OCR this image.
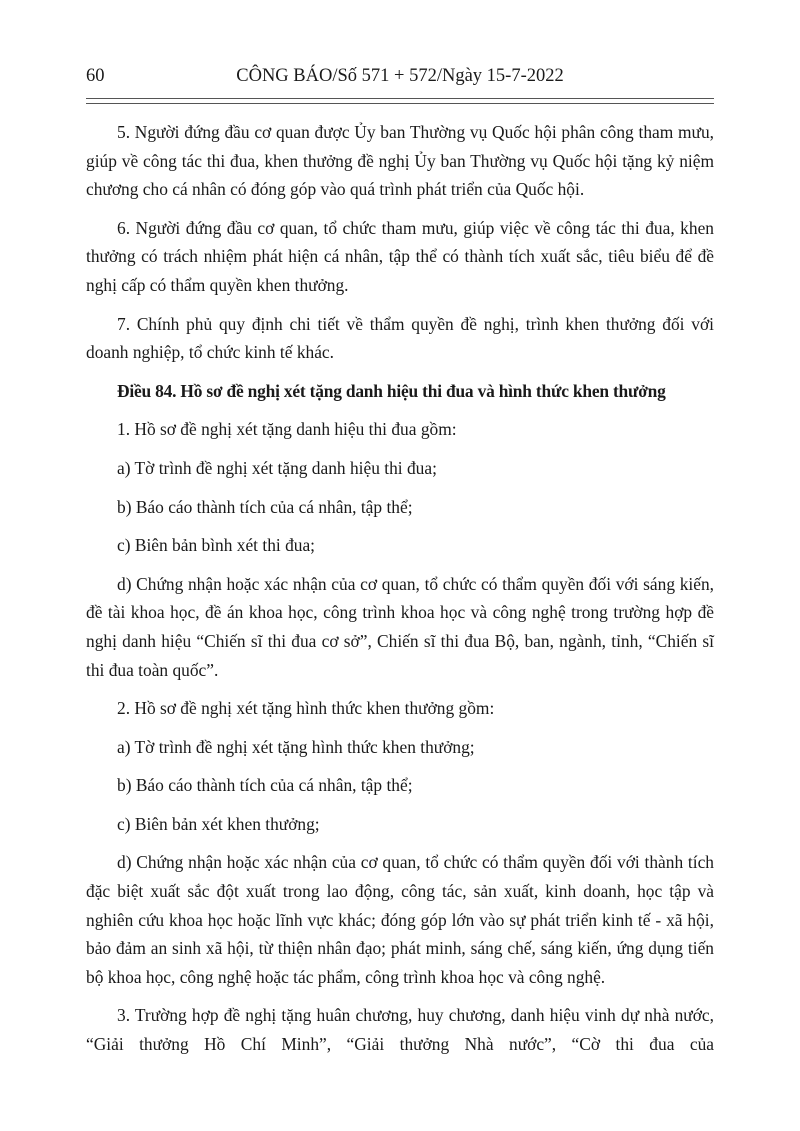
60	CÔNG BÁO/Số 571 + 572/Ngày 15-7-2022

5. Người đứng đầu cơ quan được Ủy ban Thường vụ Quốc hội phân công tham mưu, giúp về công tác thi đua, khen thưởng đề nghị Ủy ban Thường vụ Quốc hội tặng kỷ niệm chương cho cá nhân có đóng góp vào quá trình phát triển của Quốc hội.

6. Người đứng đầu cơ quan, tổ chức tham mưu, giúp việc về công tác thi đua, khen thưởng có trách nhiệm phát hiện cá nhân, tập thể có thành tích xuất sắc, tiêu biểu để đề nghị cấp có thẩm quyền khen thưởng.

7. Chính phủ quy định chi tiết về thẩm quyền đề nghị, trình khen thưởng đối với doanh nghiệp, tổ chức kinh tế khác.

Điều 84. Hồ sơ đề nghị xét tặng danh hiệu thi đua và hình thức khen thưởng

1. Hồ sơ đề nghị xét tặng danh hiệu thi đua gồm:

a) Tờ trình đề nghị xét tặng danh hiệu thi đua;

b) Báo cáo thành tích của cá nhân, tập thể;

c) Biên bản bình xét thi đua;

d) Chứng nhận hoặc xác nhận của cơ quan, tổ chức có thẩm quyền đối với sáng kiến, đề tài khoa học, đề án khoa học, công trình khoa học và công nghệ trong trường hợp đề nghị danh hiệu “Chiến sĩ thi đua cơ sở”, Chiến sĩ thi đua Bộ, ban, ngành, tỉnh, “Chiến sĩ thi đua toàn quốc”.

2. Hồ sơ đề nghị xét tặng hình thức khen thưởng gồm:

a) Tờ trình đề nghị xét tặng hình thức khen thưởng;

b) Báo cáo thành tích của cá nhân, tập thể;

c) Biên bản xét khen thưởng;

d) Chứng nhận hoặc xác nhận của cơ quan, tổ chức có thẩm quyền đối với thành tích đặc biệt xuất sắc đột xuất trong lao động, công tác, sản xuất, kinh doanh, học tập và nghiên cứu khoa học hoặc lĩnh vực khác; đóng góp lớn vào sự phát triển kinh tế - xã hội, bảo đảm an sinh xã hội, từ thiện nhân đạo; phát minh, sáng chế, sáng kiến, ứng dụng tiến bộ khoa học, công nghệ hoặc tác phẩm, công trình khoa học và công nghệ.

3. Trường hợp đề nghị tặng huân chương, huy chương, danh hiệu vinh dự nhà nước, “Giải thưởng Hồ Chí Minh”, “Giải thưởng Nhà nước”, “Cờ thi đua của
